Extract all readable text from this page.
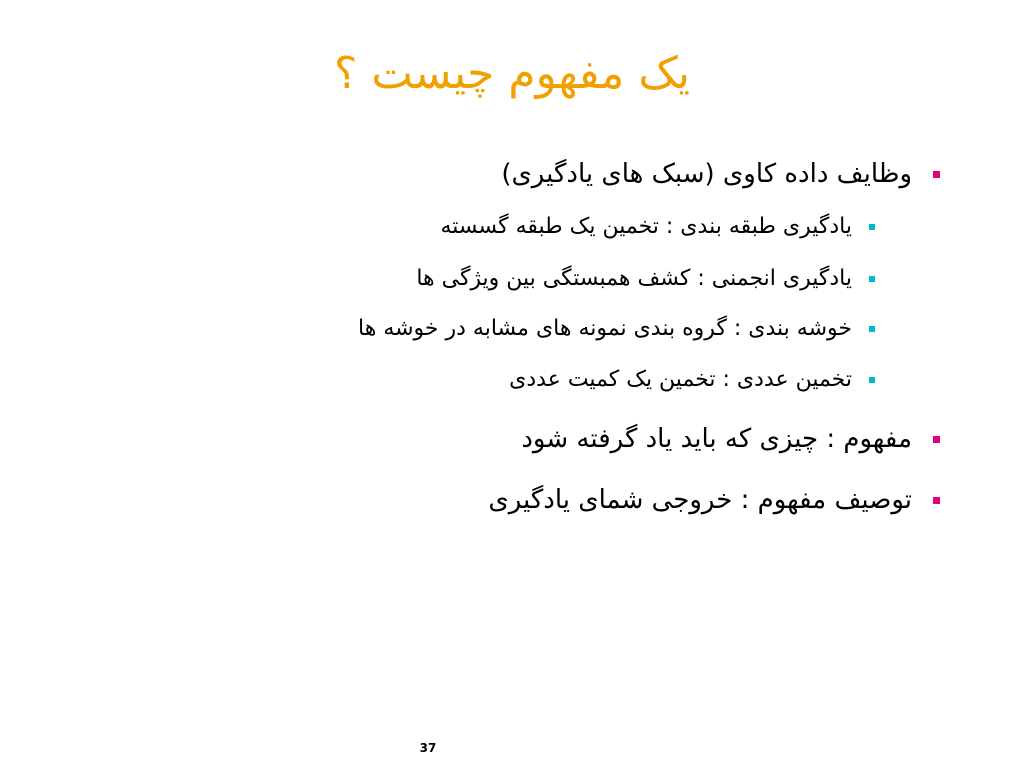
یک مفهوم چیست ؟
وظایف داده کاوی (سبک های یادگیری)
یادگیری طبقه بندی : تخمین یک طبقه گسسته
یادگیری انجمنی : کشف همبستگی بین ویژگی ها
خوشه بندی : گروه بندی نمونه های مشابه در خوشه ها
تخمین عددی : تخمین یک کمیت عددی
مفهوم : چیزی که باید یاد گرفته شود
توصیف مفهوم : خروجی شمای یادگیری
37
